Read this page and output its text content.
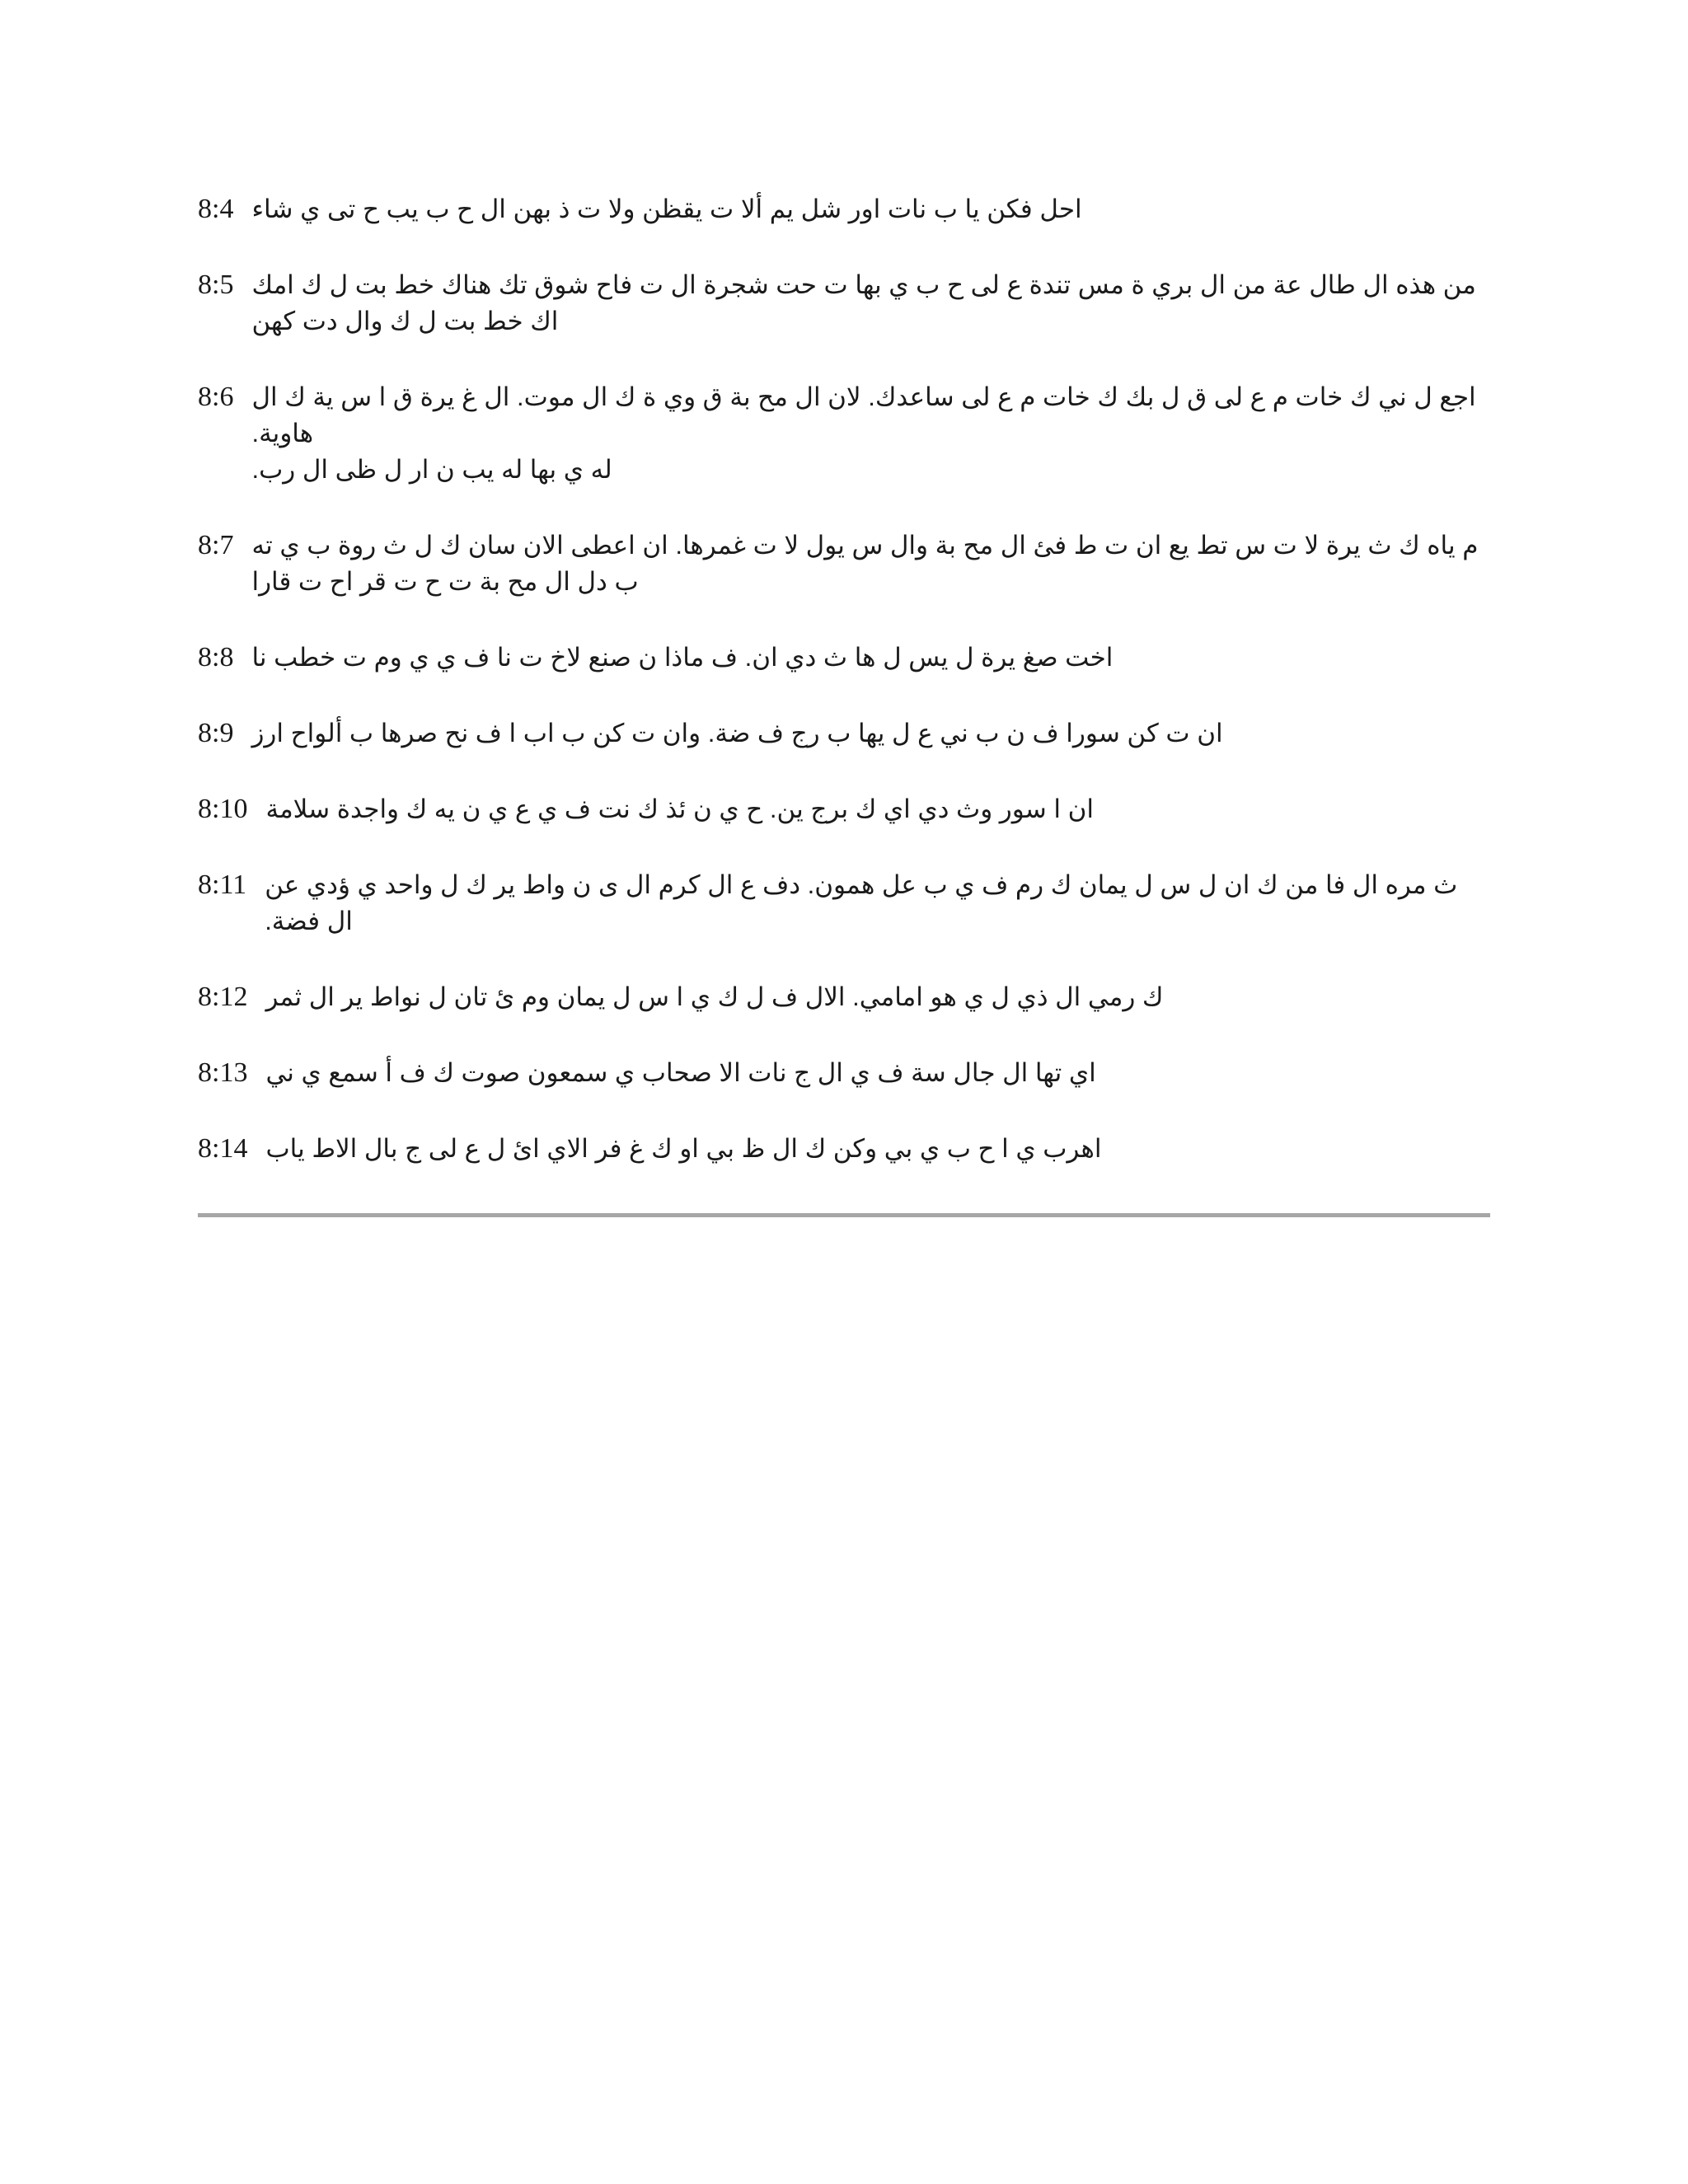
8:4 احل فكن يا ب نات اور شل يم ألا ت يقظن ولا ت ذ بهن ال ح ب يب ح تى ي شاء
8:5 من هذه ال طال عة من ال بري ة مس تندة ع لى ح ب ي بها ت حت شجرة ال ت فاح شوق تك هناك خط بت ل ك امك
اك خط بت ل ك وال دت كهن
8:6 اجع ل ني ك خات م ع لى ق ل بك ك خات م ع لى ساعدك. لان ال مح بة ق وي ة ك ال موت. ال غ يرة ق ا س ية ك ال هاوية.
له ي بها له يب ن ار ل ظى ال رب.
8:7 م ياه ك ث يرة لا ت س تط يع ان ت ط فئ ال مح بة وال س يول لا ت غمرها. ان اعطى الان سان ك ل ث روة ب ي ته
ب دل ال مح بة ت ح ت قر اح ت قارا
8:8 اخت صغ يرة ل يس ل ها ث دي ان. ف ماذا ن صنع لاخ ت نا ف ي ي وم ت خطب نا
8:9 ان ت كن سورا ف ن ب ني ع ل يها ب رج ف ضة. وان ت كن ب اب ا ف نح صرها ب ألواح ارز
8:10 ان ا سور وث دي اي ك برج ين. ح ي ن ئذ ك نت ف ي ع ي ن يه ك واجدة سلامة
8:11 ث مره ال فا من ك ان ل س ل يمان ك رم ف ي ب عل همون. دف ع ال كرم ال ى ن واط ير ك ل واحد ي ؤدي عن
ال فضة.
8:12 ك رمي ال ذي ل ي هو امامي. الال ف ل ك ي ا س ل يمان وم ئ تان ل نواط ير ال ثمر
8:13 اي تها ال جال سة ف ي ال ج نات الا صحاب ي سمعون صوت ك ف أ سمع ي ني
8:14 اهرب ي ا ح ب ي بي وكن ك ال ظ بي او ك غ فر الاي ائ ل ع لى ج بال الاط ياب
